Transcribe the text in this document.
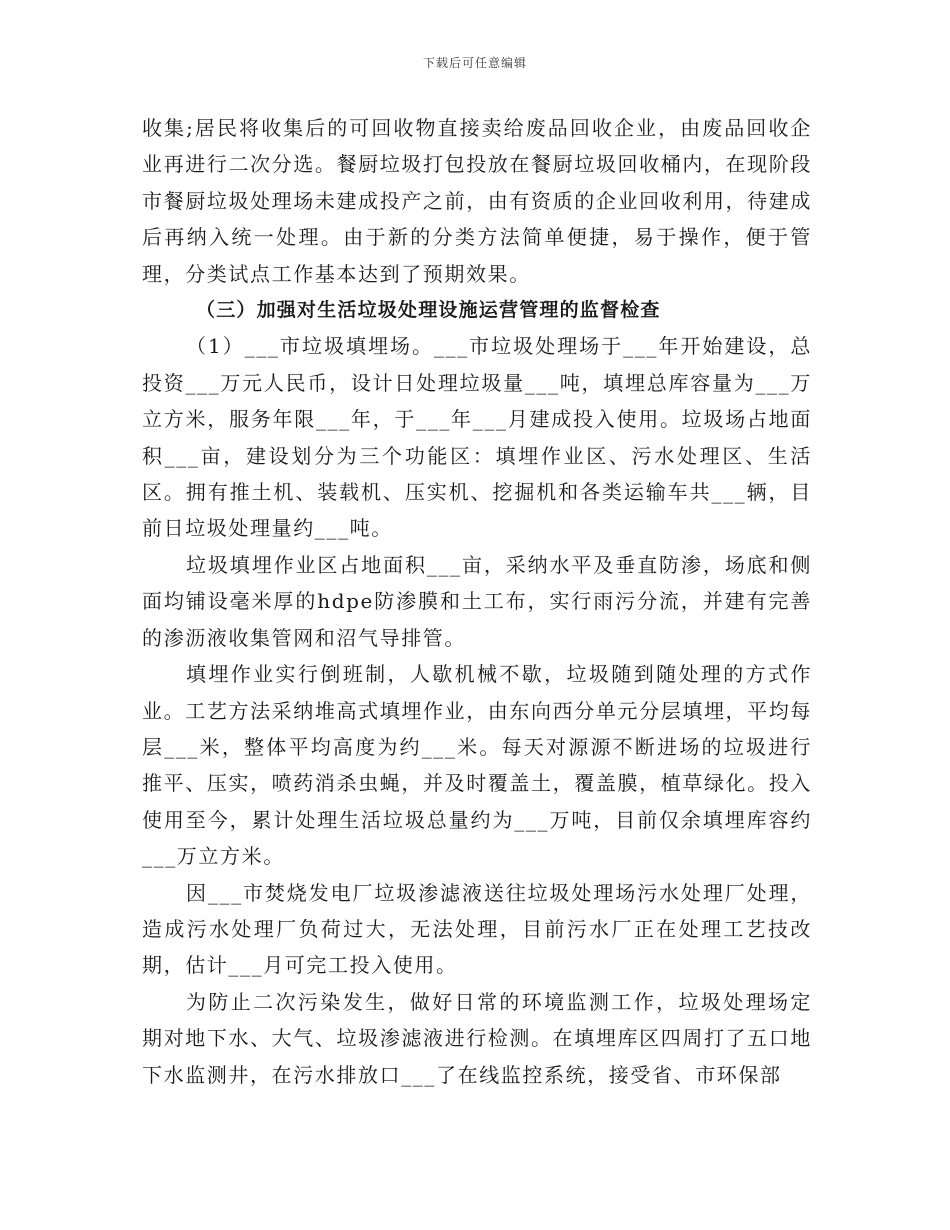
下载后可任意编辑

收集;居民将收集后的可回收物直接卖给废品回收企业，由废品回收企业再进行二次分选。餐厨垃圾打包投放在餐厨垃圾回收桶内，在现阶段市餐厨垃圾处理场未建成投产之前，由有资质的企业回收利用，待建成后再纳入统一处理。由于新的分类方法简单便捷，易于操作，便于管理，分类试点工作基本达到了预期效果。

（三）加强对生活垃圾处理设施运营管理的监督检查

（1）___市垃圾填埋场。___市垃圾处理场于___年开始建设，总投资___万元人民币，设计日处理垃圾量___吨，填埋总库容量为___万立方米，服务年限___年，于___年___月建成投入使用。垃圾场占地面积___亩，建设划分为三个功能区：填埋作业区、污水处理区、生活区。拥有推土机、装载机、压实机、挖掘机和各类运输车共___辆，目前日垃圾处理量约___吨。

垃圾填埋作业区占地面积___亩，采纳水平及垂直防渗，场底和侧面均铺设毫米厚的hdpe防渗膜和土工布，实行雨污分流，并建有完善的渗沥液收集管网和沼气导排管。

填埋作业实行倒班制，人歇机械不歇，垃圾随到随处理的方式作业。工艺方法采纳堆高式填埋作业，由东向西分单元分层填埋，平均每层___米，整体平均高度为约___米。每天对源源不断进场的垃圾进行推平、压实，喷药消杀虫蝇，并及时覆盖土，覆盖膜，植草绿化。投入使用至今，累计处理生活垃圾总量约为___万吨，目前仅余填埋库容约___万立方米。

因___市焚烧发电厂垃圾渗滤液送往垃圾处理场污水处理厂处理，造成污水处理厂负荷过大，无法处理，目前污水厂正在处理工艺技改期，估计___月可完工投入使用。

为防止二次污染发生，做好日常的环境监测工作，垃圾处理场定期对地下水、大气、垃圾渗滤液进行检测。在填埋库区四周打了五口地下水监测井，在污水排放口___了在线监控系统，接受省、市环保部
